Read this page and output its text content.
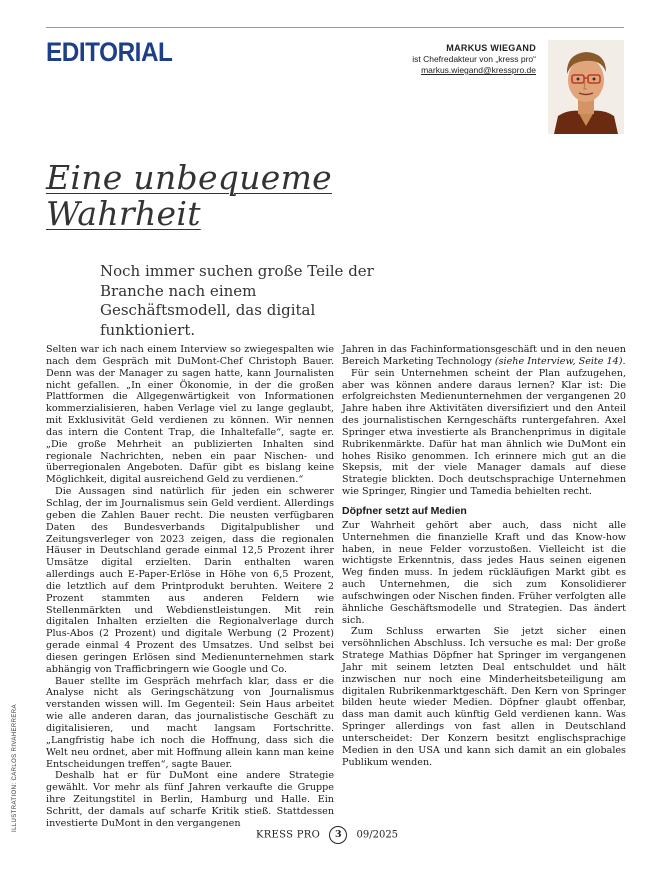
EDITORIAL	MARKUS WIEGAND
ist Chefredakteur von „kress pro“
markus.wiegand@kresspro.de
Eine unbequeme
Wahrheit
Noch immer suchen große Teile der Branche nach einem Geschäftsmodell, das digital funktioniert.

Selten war ich nach einem Interview so zwiegespalten wie nach dem Gespräch mit DuMont-Chef Christoph Bauer. Denn was der Manager zu sagen hatte, kann Journalisten nicht gefallen. „In einer Ökonomie, in der die großen Plattformen die Allgegenwärtigkeit von Informationen kommerzialisieren, haben Verlage viel zu lange geglaubt, mit Exklusivität Geld verdienen zu können. Wir nennen das intern die Content Trap, die Inhaltefalle“, sagte er. „Die große Mehrheit an publizierten Inhalten sind regionale Nachrichten, neben ein paar Nischen- und überregionalen Angeboten. Dafür gibt es bislang keine Möglichkeit, digital ausreichend Geld zu verdienen.“

Die Aussagen sind natürlich für jeden ein schwerer Schlag, der im Journalismus sein Geld verdient. Allerdings geben die Zahlen Bauer recht. Die neusten verfügbaren Daten des Bundesverbands Digitalpublisher und Zeitungsverleger von 2023 zeigen, dass die regionalen Häuser in Deutschland gerade einmal 12,5 Prozent ihrer Umsätze digital erzielten. Darin enthalten waren allerdings auch E-Paper-Erlöse in Höhe von 6,5 Prozent, die letztlich auf dem Printprodukt beruhten. Weitere 2 Prozent stammten aus anderen Feldern wie Stellenmärkten und Webdienstleistungen. Mit rein digitalen Inhalten erzielten die Regionalverlage durch Plus-Abos (2 Prozent) und digitale Werbung (2 Prozent) gerade einmal 4 Prozent des Umsatzes. Und selbst bei diesen geringen Erlösen sind Medienunternehmen stark abhängig von Trafficbringern wie Google und Co.

Bauer stellte im Gespräch mehrfach klar, dass er die Analyse nicht als Geringschätzung von Journalismus verstanden wissen will. Im Gegenteil: Sein Haus arbeitet wie alle anderen daran, das journalistische Geschäft zu digitalisieren, und macht langsam Fortschritte. „Langfristig habe ich noch die Hoffnung, dass sich die Welt neu ordnet, aber mit Hoffnung allein kann man keine Entscheidungen treffen“, sagte Bauer.

Deshalb hat er für DuMont eine andere Strategie gewählt. Vor mehr als fünf Jahren verkaufte die Gruppe ihre Zeitungstitel in Berlin, Hamburg und Halle. Ein Schritt, der damals auf scharfe Kritik stieß. Stattdessen investierte DuMont in den vergangenen

Jahren in das Fachinformationsgeschäft und in den neuen Bereich Marketing Technology (siehe Interview, Seite 14).

Für sein Unternehmen scheint der Plan aufzugehen, aber was können andere daraus lernen? Klar ist: Die erfolgreichsten Medienunternehmen der vergangenen 20 Jahre haben ihre Aktivitäten diversifiziert und den Anteil des journalistischen Kerngeschäfts runtergefahren. Axel Springer etwa investierte als Branchenprimus in digitale Rubrikenmärkte. Dafür hat man ähnlich wie DuMont ein hohes Risiko genommen. Ich erinnere mich gut an die Skepsis, mit der viele Manager damals auf diese Strategie blickten. Doch deutschsprachige Unternehmen wie Springer, Ringier und Tamedia behielten recht.

Döpfner setzt auf Medien

Zur Wahrheit gehört aber auch, dass nicht alle Unternehmen die finanzielle Kraft und das Know-how haben, in neue Felder vorzustoßen. Vielleicht ist die wichtigste Erkenntnis, dass jedes Haus seinen eigenen Weg finden muss. In jedem rückläufigen Markt gibt es auch Unternehmen, die sich zum Konsolidierer aufschwingen oder Nischen finden. Früher verfolgten alle ähnliche Geschäftsmodelle und Strategien. Das ändert sich.

Zum Schluss erwarten Sie jetzt sicher einen versöhnlichen Abschluss. Ich versuche es mal: Der große Stratege Mathias Döpfner hat Springer im vergangenen Jahr mit seinem letzten Deal entschuldet und hält inzwischen nur noch eine Minderheitsbeteiligung am digitalen Rubrikenmarktgeschäft. Den Kern von Springer bilden heute wieder Medien. Döpfner glaubt offenbar, dass man damit auch künftig Geld verdienen kann. Was Springer allerdings von fast allen in Deutschland unterscheidet: Der Konzern besitzt englischsprachige Medien in den USA und kann sich damit an ein globales Publikum wenden.

ILLUSTRATION: CARLOS RIVAHERRERA
KRESS PRO 3 09/2025
